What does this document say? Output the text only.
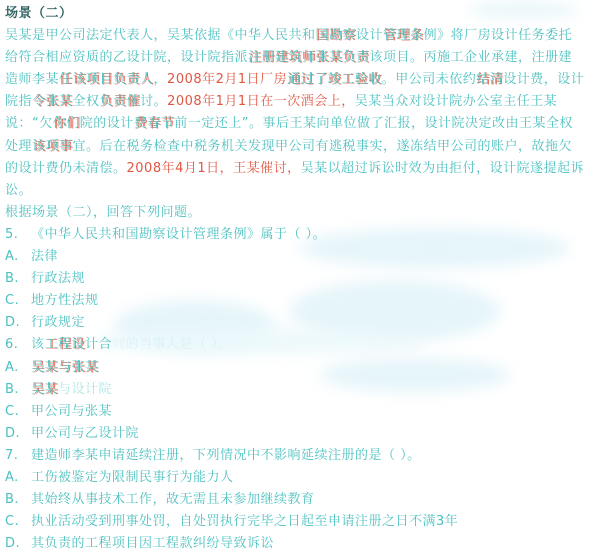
场景（二）
吴某是甲公司法定代表人，吴某依据《中华人民共和国勘察设计管理条例》将厂房设计任务委托
给符合相应资质的乙设计院，设计院指派注册建筑师张某负责该项目。丙施工企业承建，注册建
造师李某任该项目负责人，2008年2月1日厂房通过了竣工验收。甲公司未依约结清设计费，设计
院指令张某全权负责催讨。2008年1月1日在一次酒会上，吴某当众对设计院办公室主任王某
说：“欠你们院的设计费春节前一定还上”。事后王某向单位做了汇报，设计院决定改由王某全权
处理该项事宜。后在税务检查中税务机关发现甲公司有逃税事实，遂冻结甲公司的账户，故拖欠
的设计费仍未清偿。2008年4月1日，王某催讨，吴某以超过诉讼时效为由拒付，设计院遂提起诉
讼。
根据场景（二），回答下列问题。
5. 《中华人民共和国勘察设计管理条例》属于（ ）。
A. 法律
B. 行政法规
C. 地方性法规
D. 行政规定
6. 该工程设计合同的当事人是（ ）。
A. 吴某与张某
B. 吴某与设计院
C. 甲公司与张某
D. 甲公司与乙设计院
7. 建造师李某申请延续注册，下列情况中不影响延续注册的是（ ）。
A. 工伤被鉴定为限制民事行为能力人
B. 其始终从事技术工作，故无需且未参加继续教育
C. 执业活动受到刑事处罚，自处罚执行完毕之日起至申请注册之日不满3年
D. 其负责的工程项目因工程款纠纷导致诉讼
